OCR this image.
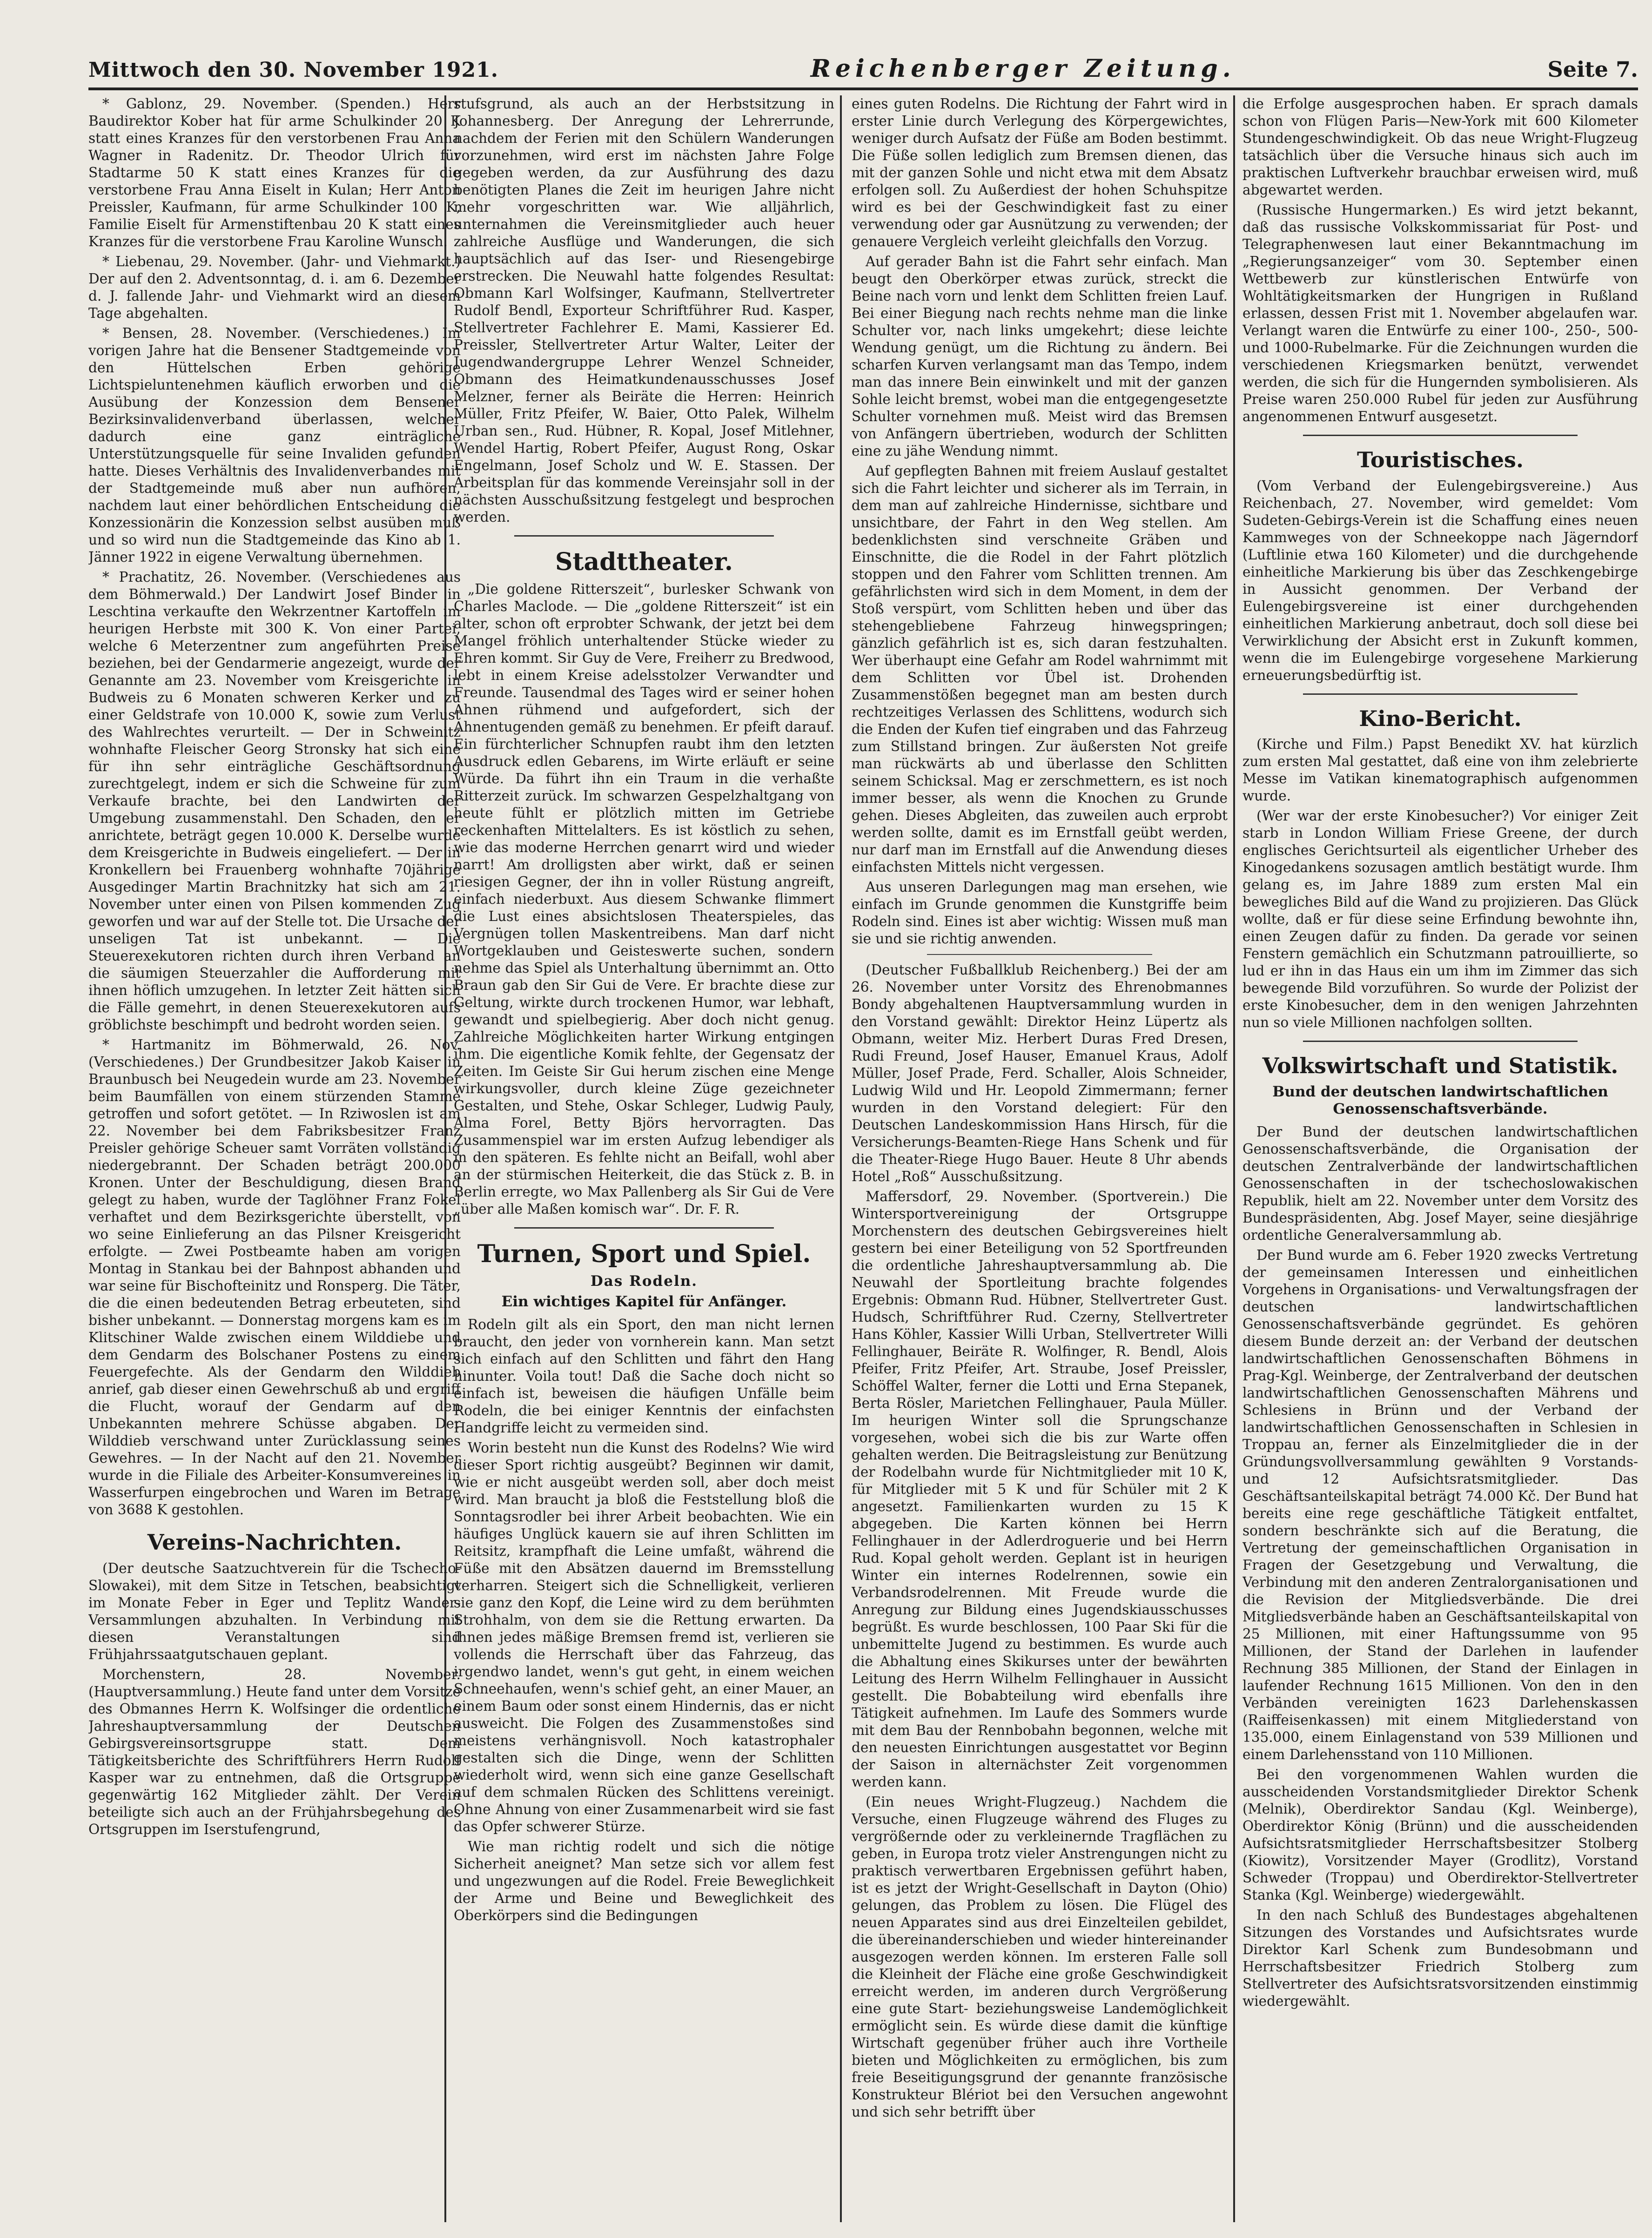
Mittwoch den 30. November 1921.	Reichenberger Zeitung.	Seite 7.

* Gablonz, 29. November. (Spenden.) Herr Baudirektor Kober hat für arme Schulkinder 20 K statt eines Kranzes für den verstorbenen Frau Anna Wagner in Radenitz. Dr. Theodor Ulrich für Stadtarme 50 K statt eines Kranzes für die verstorbene Frau Anna Eiselt in Kulan; Herr Anton Preissler, Kaufmann, für arme Schulkinder 100 K, Familie Eiselt für Armenstiftenbau 20 K statt eines Kranzes für die verstorbene Frau Karoline Wunsch.

* Liebenau, 29. November. (Jahr- und Viehmarkt.) Der auf den 2. Adventsonntag, d. i. am 6. Dezember d. J. fallende Jahr- und Viehmarkt wird an diesem Tage abgehalten.

* Bensen, 28. November. (Verschiedenes.) Im vorigen Jahre hat die Bensener Stadtgemeinde von den Hüttelschen Erben gehörige Lichtspieluntenehmen käuflich erworben und die Ausübung der Konzession dem Bensener Bezirksinvalidenverband überlassen, welcher dadurch eine ganz einträgliche Unterstützungsquelle für seine Invaliden gefunden hatte. Dieses Verhältnis des Invalidenverbandes mit der Stadtgemeinde muß aber nun aufhören, nachdem laut einer behördlichen Entscheidung die Konzessionärin die Konzession selbst ausüben muß und so wird nun die Stadtgemeinde das Kino ab 1. Jänner 1922 in eigene Verwaltung übernehmen.

* Prachatitz, 26. November. (Verschiedenes aus dem Böhmerwald.) Der Landwirt Josef Binder in Leschtina verkaufte den Wekrzentner Kartoffeln im heurigen Herbste mit 300 K. Von einer Partei, welche 6 Meterzentner zum angeführten Preise beziehen, bei der Gendarmerie angezeigt, wurde der Genannte am 23. November vom Kreisgerichte in Budweis zu 6 Monaten schweren Kerker und zu einer Geldstrafe von 10.000 K, sowie zum Verlust des Wahlrechtes verurteilt. — Der in Schweinitz wohnhafte Fleischer Georg Stronsky hat sich eine für ihn sehr einträgliche Geschäftsordnung zurechtgelegt, indem er sich die Schweine für zum Verkaufe brachte, bei den Landwirten der Umgebung zusammenstahl. Den Schaden, den er anrichtete, beträgt gegen 10.000 K. Derselbe wurde dem Kreisgerichte in Budweis eingeliefert. — Der in Kronkellern bei Frauenberg wohnhafte 70jährige Ausgedinger Martin Brachnitzky hat sich am 21. November unter einen von Pilsen kommenden Zug geworfen und war auf der Stelle tot. Die Ursache der unseligen Tat ist unbekannt. — Die Steuerexekutoren richten durch ihren Verband an die säumigen Steuerzahler die Aufforderung mit ihnen höflich umzugehen. In letzter Zeit hätten sich die Fälle gemehrt, in denen Steuerexekutoren aufs gröblichste beschimpft und bedroht worden seien.

* Hartmanitz im Böhmerwald, 26. Nov. (Verschiedenes.) Der Grundbesitzer Jakob Kaiser in Braunbusch bei Neugedein wurde am 23. November beim Baumfällen von einem stürzenden Stamme getroffen und sofort getötet. — In Rziwoslen ist am 22. November bei dem Fabriksbesitzer Franz Preisler gehörige Scheuer samt Vorräten vollständig niedergebrannt. Der Schaden beträgt 200.000 Kronen. Unter der Beschuldigung, diesen Brand gelegt zu haben, wurde der Taglöhner Franz Fokel verhaftet und dem Bezirksgerichte überstellt, von wo seine Einlieferung an das Pilsner Kreisgericht erfolgte. — Zwei Postbeamte haben am vorigen Montag in Stankau bei der Bahnpost abhanden und war seine für Bischofteinitz und Ronsperg. Die Täter, die die einen bedeutenden Betrag erbeuteten, sind bisher unbekannt. — Donnerstag morgens kam es im Klitschiner Walde zwischen einem Wilddiebe und dem Gendarm des Bolschaner Postens zu einem Feuergefechte. Als der Gendarm den Wilddieb anrief, gab dieser einen Gewehrschuß ab und ergriff die Flucht, worauf der Gendarm auf den Unbekannten mehrere Schüsse abgaben. Der Wilddieb verschwand unter Zurücklassung seines Gewehres. — In der Nacht auf den 21. November wurde in die Filiale des Arbeiter-Konsumvereines in Wasserfurpen eingebrochen und Waren im Betrage von 3688 K gestohlen.

Vereins-Nachrichten.

(Der deutsche Saatzuchtverein für die Tschecho-Slowakei), mit dem Sitze in Tetschen, beabsichtigt im Monate Feber in Eger und Teplitz Wander-Versammlungen abzuhalten. In Verbindung mit diesen Veranstaltungen sind Frühjahrssaatgutschauen geplant.

Morchenstern, 28. November. (Hauptversammlung.) Heute fand unter dem Vorsitze des Obmannes Herrn K. Wolfsinger die ordentliche Jahreshauptversammlung der Deutschen Gebirgsvereinsortsgruppe statt. Dem Tätigkeitsberichte des Schriftführers Herrn Rudolf Kasper war zu entnehmen, daß die Ortsgruppe gegenwärtig 162 Mitglieder zählt. Der Verein beteiligte sich auch an der Frühjahrsbegehung des Ortsgruppen im Iserstufengrund,

stufsgrund, als auch an der Herbstsitzung in Johannesberg. Der Anregung der Lehrerrunde, nachdem der Ferien mit den Schülern Wanderungen vorzunehmen, wird erst im nächsten Jahre Folge gegeben werden, da zur Ausführung des dazu benötigten Planes die Zeit im heurigen Jahre nicht mehr vorgeschritten war. Wie alljährlich, unternahmen die Vereinsmitglieder auch heuer zahlreiche Ausflüge und Wanderungen, die sich hauptsächlich auf das Iser- und Riesengebirge erstrecken. Die Neuwahl hatte folgendes Resultat: Obmann Karl Wolfsinger, Kaufmann, Stellvertreter Rudolf Bendl, Exporteur Schriftführer Rud. Kasper, Stellvertreter Fachlehrer E. Mami, Kassierer Ed. Preissler, Stellvertreter Artur Walter, Leiter der Jugendwandergruppe Lehrer Wenzel Schneider, Obmann des Heimatkundenausschusses Josef Melzner, ferner als Beiräte die Herren: Heinrich Müller, Fritz Pfeifer, W. Baier, Otto Palek, Wilhelm Urban sen., Rud. Hübner, R. Kopal, Josef Mitlehner, Wendel Hartig, Robert Pfeifer, August Rong, Oskar Engelmann, Josef Scholz und W. E. Stassen. Der Arbeitsplan für das kommende Vereinsjahr soll in der nächsten Ausschußsitzung festgelegt und besprochen werden.

Stadttheater.

„Die goldene Ritterszeit“, burlesker Schwank von Charles Maclode. — Die „goldene Ritterszeit“ ist ein alter, schon oft erprobter Schwank, der jetzt bei dem Mangel fröhlich unterhaltender Stücke wieder zu Ehren kommt. Sir Guy de Vere, Freiherr zu Bredwood, lebt in einem Kreise adelsstolzer Verwandter und Freunde. Tausendmal des Tages wird er seiner hohen Ahnen rühmend und aufgefordert, sich der Ahnentugenden gemäß zu benehmen. Er pfeift darauf. Ein fürchterlicher Schnupfen raubt ihm den letzten Ausdruck edlen Gebarens, im Wirte erläuft er seine Würde. Da führt ihn ein Traum in die verhaßte Ritterzeit zurück. Im schwarzen Gespelzhaltgang von heute fühlt er plötzlich mitten im Getriebe reckenhaften Mittelalters. Es ist köstlich zu sehen, wie das moderne Herrchen genarrt wird und wieder narrt! Am drolligsten aber wirkt, daß er seinen riesigen Gegner, der ihn in voller Rüstung angreift, einfach niederbuxt. Aus diesem Schwanke flimmert die Lust eines absichtslosen Theaterspieles, das Vergnügen tollen Maskentreibens. Man darf nicht Wortgeklauben und Geisteswerte suchen, sondern nehme das Spiel als Unterhaltung übernimmt an. Otto Braun gab den Sir Gui de Vere. Er brachte diese zur Geltung, wirkte durch trockenen Humor, war lebhaft, gewandt und spielbegierig. Aber doch nicht genug. Zahlreiche Möglichkeiten harter Wirkung entgingen ihm. Die eigentliche Komik fehlte, der Gegensatz der Zeiten. Im Geiste Sir Gui herum zischen eine Menge wirkungsvoller, durch kleine Züge gezeichneter Gestalten, und Stehe, Oskar Schleger, Ludwig Pauly, Alma Forel, Betty Björs hervorragten. Das Zusammenspiel war im ersten Aufzug lebendiger als in den späteren. Es fehlte nicht an Beifall, wohl aber an der stürmischen Heiterkeit, die das Stück z. B. in Berlin erregte, wo Max Pallenberg als Sir Gui de Vere „über alle Maßen komisch war“. Dr. F. R.

Turnen, Sport und Spiel.
Das Rodeln.
Ein wichtiges Kapitel für Anfänger.

Rodeln gilt als ein Sport, den man nicht lernen braucht, den jeder von vornherein kann. Man setzt sich einfach auf den Schlitten und fährt den Hang hinunter. Voila tout! Daß die Sache doch nicht so einfach ist, beweisen die häufigen Unfälle beim Rodeln, die bei einiger Kenntnis der einfachsten Handgriffe leicht zu vermeiden sind.

Worin besteht nun die Kunst des Rodelns? Wie wird dieser Sport richtig ausgeübt? Beginnen wir damit, wie er nicht ausgeübt werden soll, aber doch meist wird. Man braucht ja bloß die Feststellung bloß die Sonntagsrodler bei ihrer Arbeit beobachten. Wie ein häufiges Unglück kauern sie auf ihren Schlitten im Reitsitz, krampfhaft die Leine umfaßt, während die Füße mit den Absätzen dauernd im Bremsstellung verharren. Steigert sich die Schnelligkeit, verlieren sie ganz den Kopf, die Leine wird zu dem berühmten Strohhalm, von dem sie die Rettung erwarten. Da ihnen jedes mäßige Bremsen fremd ist, verlieren sie vollends die Herrschaft über das Fahrzeug, das irgendwo landet, wenn's gut geht, in einem weichen Schneehaufen, wenn's schief geht, an einer Mauer, an einem Baum oder sonst einem Hindernis, das er nicht ausweicht. Die Folgen des Zusammenstoßes sind meistens verhängnisvoll. Noch katastrophaler gestalten sich die Dinge, wenn der Schlitten wiederholt wird, wenn sich eine ganze Gesellschaft auf dem schmalen Rücken des Schlittens vereinigt. Ohne Ahnung von einer Zusammenarbeit wird sie fast das Opfer schwerer Stürze.

Wie man richtig rodelt und sich die nötige Sicherheit aneignet? Man setze sich vor allem fest und ungezwungen auf die Rodel. Freie Beweglichkeit der Arme und Beine und Beweglichkeit des Oberkörpers sind die Bedingungen

eines guten Rodelns. Die Richtung der Fahrt wird in erster Linie durch Verlegung des Körpergewichtes, weniger durch Aufsatz der Füße am Boden bestimmt. Die Füße sollen lediglich zum Bremsen dienen, das mit der ganzen Sohle und nicht etwa mit dem Absatz erfolgen soll. Zu Außerdiest der hohen Schuhspitze wird es bei der Geschwindigkeit fast zu einer verwendung oder gar Ausnützung zu verwenden; der genauere Vergleich verleiht gleichfalls den Vorzug.

Auf gerader Bahn ist die Fahrt sehr einfach. Man beugt den Oberkörper etwas zurück, streckt die Beine nach vorn und lenkt dem Schlitten freien Lauf. Bei einer Biegung nach rechts nehme man die linke Schulter vor, nach links umgekehrt; diese leichte Wendung genügt, um die Richtung zu ändern. Bei scharfen Kurven verlangsamt man das Tempo, indem man das innere Bein einwinkelt und mit der ganzen Sohle leicht bremst, wobei man die entgegengesetzte Schulter vornehmen muß. Meist wird das Bremsen von Anfängern übertrieben, wodurch der Schlitten eine zu jähe Wendung nimmt.

Auf gepflegten Bahnen mit freiem Auslauf gestaltet sich die Fahrt leichter und sicherer als im Terrain, in dem man auf zahlreiche Hindernisse, sichtbare und unsichtbare, der Fahrt in den Weg stellen. Am bedenklichsten sind verschneite Gräben und Einschnitte, die die Rodel in der Fahrt plötzlich stoppen und den Fahrer vom Schlitten trennen. Am gefährlichsten wird sich in dem Moment, in dem der Stoß verspürt, vom Schlitten heben und über das stehengebliebene Fahrzeug hinwegspringen; gänzlich gefährlich ist es, sich daran festzuhalten. Wer überhaupt eine Gefahr am Rodel wahrnimmt mit dem Schlitten vor Übel ist. Drohenden Zusammenstößen begegnet man am besten durch rechtzeitiges Verlassen des Schlittens, wodurch sich die Enden der Kufen tief eingraben und das Fahrzeug zum Stillstand bringen. Zur äußersten Not greife man rückwärts ab und überlasse den Schlitten seinem Schicksal. Mag er zerschmettern, es ist noch immer besser, als wenn die Knochen zu Grunde gehen. Dieses Abgleiten, das zuweilen auch erprobt werden sollte, damit es im Ernstfall geübt werden, nur darf man im Ernstfall auf die Anwendung dieses einfachsten Mittels nicht vergessen.

Aus unseren Darlegungen mag man ersehen, wie einfach im Grunde genommen die Kunstgriffe beim Rodeln sind. Eines ist aber wichtig: Wissen muß man sie und sie richtig anwenden.

(Deutscher Fußballklub Reichenberg.) Bei der am 26. November unter Vorsitz des Ehrenobmannes Bondy abgehaltenen Hauptversammlung wurden in den Vorstand gewählt: Direktor Heinz Lüpertz als Obmann, weiter Miz. Herbert Duras Fred Dresen, Rudi Freund, Josef Hauser, Emanuel Kraus, Adolf Müller, Josef Prade, Ferd. Schaller, Alois Schneider, Ludwig Wild und Hr. Leopold Zimmermann; ferner wurden in den Vorstand delegiert: Für den Deutschen Landeskommission Hans Hirsch, für die Versicherungs-Beamten-Riege Hans Schenk und für die Theater-Riege Hugo Bauer. Heute 8 Uhr abends Hotel „Roß“ Ausschußsitzung.

Maffersdorf, 29. November. (Sportverein.) Die Wintersportvereinigung der Ortsgruppe Morchenstern des deutschen Gebirgsvereines hielt gestern bei einer Beteiligung von 52 Sportfreunden die ordentliche Jahreshauptversammlung ab. Die Neuwahl der Sportleitung brachte folgendes Ergebnis: Obmann Rud. Hübner, Stellvertreter Gust. Hudsch, Schriftführer Rud. Czerny, Stellvertreter Hans Köhler, Kassier Willi Urban, Stellvertreter Willi Fellinghauer, Beiräte R. Wolfinger, R. Bendl, Alois Pfeifer, Fritz Pfeifer, Art. Straube, Josef Preissler, Schöffel Walter, ferner die Lotti und Erna Stepanek, Berta Rösler, Marietchen Fellinghauer, Paula Müller. Im heurigen Winter soll die Sprungschanze vorgesehen, wobei sich die bis zur Warte offen gehalten werden. Die Beitragsleistung zur Benützung der Rodelbahn wurde für Nichtmitglieder mit 10 K, für Mitglieder mit 5 K und für Schüler mit 2 K angesetzt. Familienkarten wurden zu 15 K abgegeben. Die Karten können bei Herrn Fellinghauer in der Adlerdroguerie und bei Herrn Rud. Kopal geholt werden. Geplant ist in heurigen Winter ein internes Rodelrennen, sowie ein Verbandsrodelrennen. Mit Freude wurde die Anregung zur Bildung eines Jugendskiausschusses begrüßt. Es wurde beschlossen, 100 Paar Ski für die unbemittelte Jugend zu bestimmen. Es wurde auch die Abhaltung eines Skikurses unter der bewährten Leitung des Herrn Wilhelm Fellinghauer in Aussicht gestellt. Die Bobabteilung wird ebenfalls ihre Tätigkeit aufnehmen. Im Laufe des Sommers wurde mit dem Bau der Rennbobahn begonnen, welche mit den neuesten Einrichtungen ausgestattet vor Beginn der Saison in alternächster Zeit vorgenommen werden kann.

(Ein neues Wright-Flugzeug.) Nachdem die Versuche, einen Flugzeuge während des Fluges zu vergrößernde oder zu verkleinernde Tragflächen zu geben, in Europa trotz vieler Anstrengungen nicht zu praktisch verwertbaren Ergebnissen geführt haben, ist es jetzt der Wright-Gesellschaft in Dayton (Ohio) gelungen, das Problem zu lösen. Die Flügel des neuen Apparates sind aus drei Einzelteilen gebildet, die übereinanderschieben und wieder hintereinander ausgezogen werden können. Im ersteren Falle soll die Kleinheit der Fläche eine große Geschwindigkeit erreicht werden, im anderen durch Vergrößerung eine gute Start- beziehungsweise Landemöglichkeit ermöglicht sein. Es würde diese damit die künftige Wirtschaft gegenüber früher auch ihre Vortheile bieten und Möglichkeiten zu ermöglichen, bis zum freie Beseitigungsgrund der genannte französische Konstrukteur Blériot bei den Versuchen angewohnt und sich sehr betrifft über

die Erfolge ausgesprochen haben. Er sprach damals schon von Flügen Paris—New-York mit 600 Kilometer Stundengeschwindigkeit. Ob das neue Wright-Flugzeug tatsächlich über die Versuche hinaus sich auch im praktischen Luftverkehr brauchbar erweisen wird, muß abgewartet werden.

(Russische Hungermarken.) Es wird jetzt bekannt, daß das russische Volkskommissariat für Post- und Telegraphenwesen laut einer Bekanntmachung im „Regierungsanzeiger“ vom 30. September einen Wettbewerb zur künstlerischen Entwürfe von Wohltätigkeitsmarken der Hungrigen in Rußland erlassen, dessen Frist mit 1. November abgelaufen war. Verlangt waren die Entwürfe zu einer 100-, 250-, 500- und 1000-Rubelmarke. Für die Zeichnungen wurden die verschiedenen Kriegsmarken benützt, verwendet werden, die sich für die Hungernden symbolisieren. Als Preise waren 250.000 Rubel für jeden zur Ausführung angenommenen Entwurf ausgesetzt.

Touristisches.

(Vom Verband der Eulengebirgsvereine.) Aus Reichenbach, 27. November, wird gemeldet: Vom Sudeten-Gebirgs-Verein ist die Schaffung eines neuen Kammweges von der Schneekoppe nach Jägerndorf (Luftlinie etwa 160 Kilometer) und die durchgehende einheitliche Markierung bis über das Zeschkengebirge in Aussicht genommen. Der Verband der Eulengebirgsvereine ist einer durchgehenden einheitlichen Markierung anbetraut, doch soll diese bei Verwirklichung der Absicht erst in Zukunft kommen, wenn die im Eulengebirge vorgesehene Markierung erneuerungsbedürftig ist.

Kino-Bericht.

(Kirche und Film.) Papst Benedikt XV. hat kürzlich zum ersten Mal gestattet, daß eine von ihm zelebrierte Messe im Vatikan kinematographisch aufgenommen wurde.

(Wer war der erste Kinobesucher?) Vor einiger Zeit starb in London William Friese Greene, der durch englisches Gerichtsurteil als eigentlicher Urheber des Kinogedankens sozusagen amtlich bestätigt wurde. Ihm gelang es, im Jahre 1889 zum ersten Mal ein bewegliches Bild auf die Wand zu projizieren. Das Glück wollte, daß er für diese seine Erfindung bewohnte ihn, einen Zeugen dafür zu finden. Da gerade vor seinen Fenstern gemächlich ein Schutzmann patrouillierte, so lud er ihn in das Haus ein um ihm im Zimmer das sich bewegende Bild vorzuführen. So wurde der Polizist der erste Kinobesucher, dem in den wenigen Jahrzehnten nun so viele Millionen nachfolgen sollten.

Volkswirtschaft und Statistik.
Bund der deutschen landwirtschaftlichen Genossenschaftsverbände.

Der Bund der deutschen landwirtschaftlichen Genossenschaftsverbände, die Organisation der deutschen Zentralverbände der landwirtschaftlichen Genossenschaften in der tschechoslowakischen Republik, hielt am 22. November unter dem Vorsitz des Bundespräsidenten, Abg. Josef Mayer, seine diesjährige ordentliche Generalversammlung ab.

Der Bund wurde am 6. Feber 1920 zwecks Vertretung der gemeinsamen Interessen und einheitlichen Vorgehens in Organisations- und Verwaltungsfragen der deutschen landwirtschaftlichen Genossenschaftsverbände gegründet. Es gehören diesem Bunde derzeit an: der Verband der deutschen landwirtschaftlichen Genossenschaften Böhmens in Prag-Kgl. Weinberge, der Zentralverband der deutschen landwirtschaftlichen Genossenschaften Mährens und Schlesiens in Brünn und der Verband der landwirtschaftlichen Genossenschaften in Schlesien in Troppau an, ferner als Einzelmitglieder die in der Gründungsvollversammlung gewählten 9 Vorstands- und 12 Aufsichtsratsmitglieder. Das Geschäftsanteilskapital beträgt 74.000 Kč. Der Bund hat bereits eine rege geschäftliche Tätigkeit entfaltet, sondern beschränkte sich auf die Beratung, die Vertretung der gemeinschaftlichen Organisation in Fragen der Gesetzgebung und Verwaltung, die Verbindung mit den anderen Zentralorganisationen und die Revision der Mitgliedsverbände. Die drei Mitgliedsverbände haben an Geschäftsanteilskapital von 25 Millionen, mit einer Haftungssumme von 95 Millionen, der Stand der Darlehen in laufender Rechnung 385 Millionen, der Stand der Einlagen in laufender Rechnung 1615 Millionen. Von den in den Verbänden vereinigten 1623 Darlehenskassen (Raiffeisenkassen) mit einem Mitgliederstand von 135.000, einem Einlagenstand von 539 Millionen und einem Darlehensstand von 110 Millionen.

Bei den vorgenommenen Wahlen wurden die ausscheidenden Vorstandsmitglieder Direktor Schenk (Melnik), Oberdirektor Sandau (Kgl. Weinberge), Oberdirektor König (Brünn) und die ausscheidenden Aufsichtsratsmitglieder Herrschaftsbesitzer Stolberg (Kiowitz), Vorsitzender Mayer (Grodlitz), Vorstand Schweder (Troppau) und Oberdirektor-Stellvertreter Stanka (Kgl. Weinberge) wiedergewählt.

In den nach Schluß des Bundestages abgehaltenen Sitzungen des Vorstandes und Aufsichtsrates wurde Direktor Karl Schenk zum Bundesobmann und Herrschaftsbesitzer Friedrich Stolberg zum Stellvertreter des Aufsichtsratsvorsitzenden einstimmig wiedergewählt.
